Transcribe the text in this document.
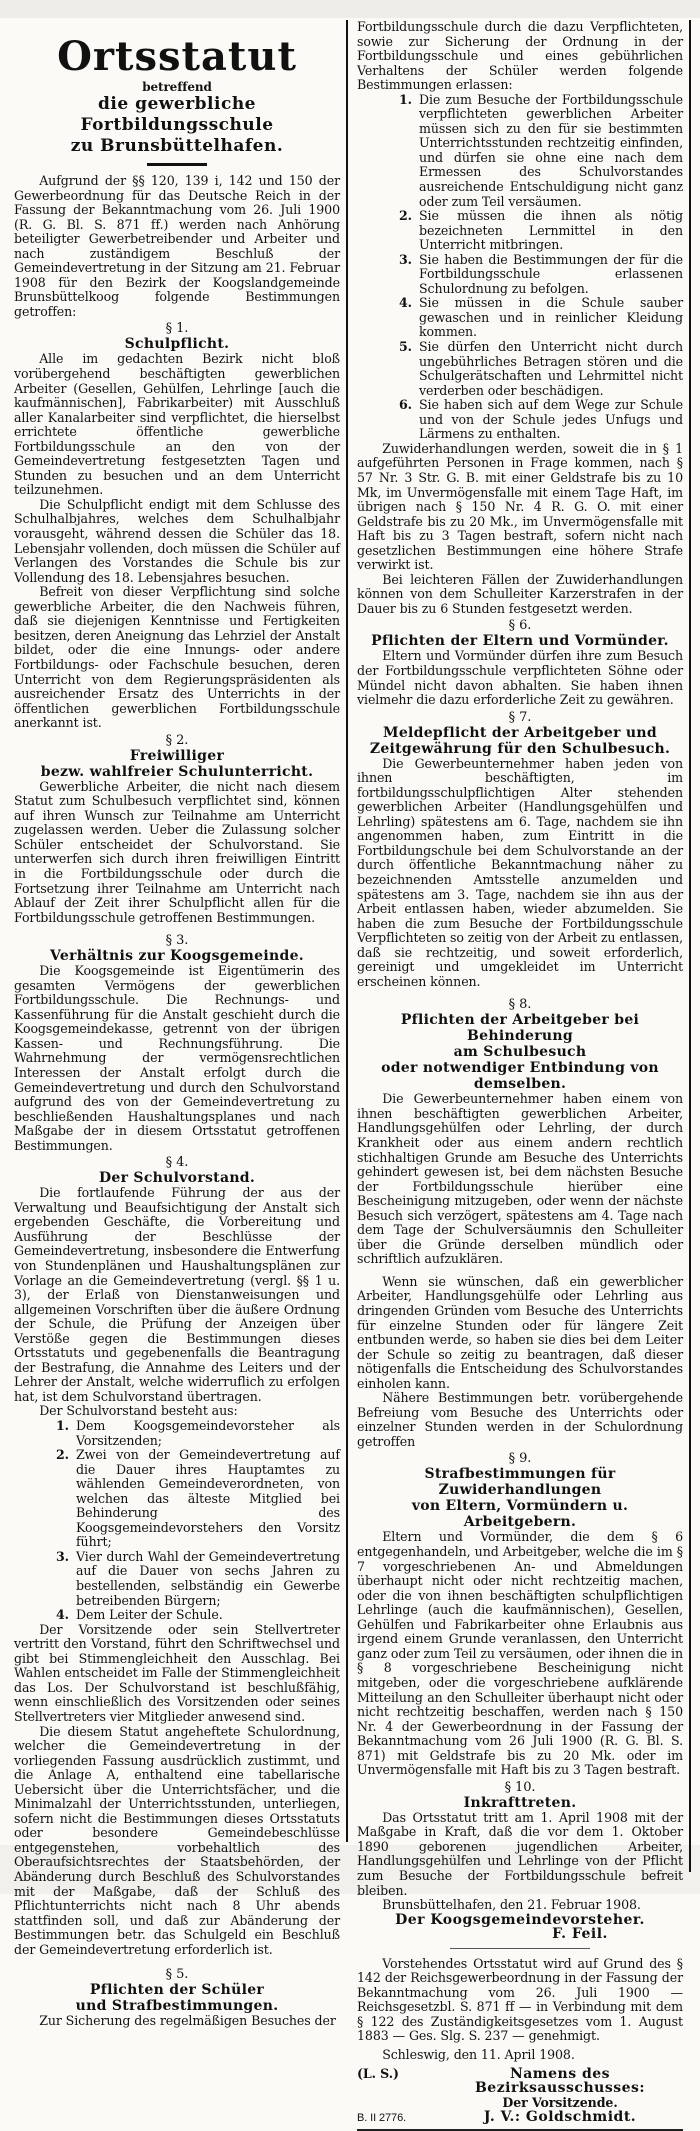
Ortsstatut
betreffend
die gewerbliche Fortbildungsschule
zu Brunsbüttelhafen.

Aufgrund der §§ 120, 139 i, 142 und 150 der Gewerbeordnung für das Deutsche Reich in der Fassung der Bekanntmachung vom 26. Juli 1900 (R. G. Bl. S. 871 ff.) werden nach Anhörung beteiligter Gewerbetreibender und Arbeiter und nach zuständigem Beschluß der Gemeindevertretung in der Sitzung am 21. Februar 1908 für den Bezirk der Koogslandgemeinde Brunsbüttelkoog folgende Bestimmungen getroffen:

§ 1.
Schulpflicht.

Alle im gedachten Bezirk nicht bloß vorübergehend beschäftigten gewerblichen Arbeiter (Gesellen, Gehülfen, Lehrlinge [auch die kaufmännischen], Fabrikarbeiter) mit Ausschluß aller Kanalarbeiter sind verpflichtet, die hierselbst errichtete öffentliche gewerbliche Fortbildungsschule an den von der Gemeindevertretung festgesetzten Tagen und Stunden zu besuchen und an dem Unterricht teilzunehmen.

Die Schulpflicht endigt mit dem Schlusse des Schulhalbjahres, welches dem Schulhalbjahr vorausgeht, während dessen die Schüler das 18. Lebensjahr vollenden, doch müssen die Schüler auf Verlangen des Vorstandes die Schule bis zur Vollendung des 18. Lebensjahres besuchen.

Befreit von dieser Verpflichtung sind solche gewerbliche Arbeiter, die den Nachweis führen, daß sie diejenigen Kenntnisse und Fertigkeiten besitzen, deren Aneignung das Lehrziel der Anstalt bildet, oder die eine Innungs- oder andere Fortbildungs- oder Fachschule besuchen, deren Unterricht von dem Regierungspräsidenten als ausreichender Ersatz des Unterrichts in der öffentlichen gewerblichen Fortbildungsschule anerkannt ist.

§ 2.
Freiwilliger
bezw. wahlfreier Schulunterricht.

Gewerbliche Arbeiter, die nicht nach diesem Statut zum Schulbesuch verpflichtet sind, können auf ihren Wunsch zur Teilnahme am Unterricht zugelassen werden. Ueber die Zulassung solcher Schüler entscheidet der Schulvorstand. Sie unterwerfen sich durch ihren freiwilligen Eintritt in die Fortbildungsschule oder durch die Fortsetzung ihrer Teilnahme am Unterricht nach Ablauf der Zeit ihrer Schulpflicht allen für die Fortbildungsschule getroffenen Bestimmungen.

§ 3.
Verhältnis zur Koogsgemeinde.

Die Koogsgemeinde ist Eigentümerin des gesamten Vermögens der gewerblichen Fortbildungsschule. Die Rechnungs- und Kassenführung für die Anstalt geschieht durch die Koogsgemeindekasse, getrennt von der übrigen Kassen- und Rechnungsführung. Die Wahrnehmung der vermögensrechtlichen Interessen der Anstalt erfolgt durch die Gemeindevertretung und durch den Schulvorstand aufgrund des von der Gemeindevertretung zu beschließenden Haushaltungsplanes und nach Maßgabe der in diesem Ortsstatut getroffenen Bestimmungen.

§ 4.
Der Schulvorstand.

Die fortlaufende Führung der aus der Verwaltung und Beaufsichtigung der Anstalt sich ergebenden Geschäfte, die Vorbereitung und Ausführung der Beschlüsse der Gemeindevertretung, insbesondere die Entwerfung von Stundenplänen und Haushaltungsplänen zur Vorlage an die Gemeindevertretung (vergl. §§ 1 u. 3), der Erlaß von Dienstanweisungen und allgemeinen Vorschriften über die äußere Ordnung der Schule, die Prüfung der Anzeigen über Verstöße gegen die Bestimmungen dieses Ortsstatuts und gegebenenfalls die Beantragung der Bestrafung, die Annahme des Leiters und der Lehrer der Anstalt, welche widerruflich zu erfolgen hat, ist dem Schulvorstand übertragen.

Der Schulvorstand besteht aus:

1. Dem Koogsgemeindevorsteher als Vorsitzenden;
2. Zwei von der Gemeindevertretung auf die Dauer ihres Hauptamtes zu wählenden Gemeindeverordneten, von welchen das älteste Mitglied bei Behinderung des Koogsgemeindevorstehers den Vorsitz führt;
3. Vier durch Wahl der Gemeindevertretung auf die Dauer von sechs Jahren zu bestellenden, selbständig ein Gewerbe betreibenden Bürgern;
4. Dem Leiter der Schule.

Der Vorsitzende oder sein Stellvertreter vertritt den Vorstand, führt den Schriftwechsel und gibt bei Stimmengleichheit den Ausschlag. Bei Wahlen entscheidet im Falle der Stimmengleichheit das Los. Der Schulvorstand ist beschlußfähig, wenn einschließlich des Vorsitzenden oder seines Stellvertreters vier Mitglieder anwesend sind.

Die diesem Statut angeheftete Schulordnung, welcher die Gemeindevertretung in der vorliegenden Fassung ausdrücklich zustimmt, und die Anlage A, enthaltend eine tabellarische Uebersicht über die Unterrichtsfächer, und die Minimalzahl der Unterrichtsstunden, unterliegen, sofern nicht die Bestimmungen dieses Ortsstatuts oder besondere Gemeindebeschlüsse entgegenstehen, vorbehaltlich des Oberaufsichtsrechtes der Staatsbehörden, der Abänderung durch Beschluß des Schulvorstandes mit der Maßgabe, daß der Schluß des Pflichtunterrichts nicht nach 8 Uhr abends stattfinden soll, und daß zur Abänderung der Bestimmungen betr. das Schulgeld ein Beschluß der Gemeindevertretung erforderlich ist.

§ 5.
Pflichten der Schüler
und Strafbestimmungen.

Zur Sicherung des regelmäßigen Besuches der

Fortbildungsschule durch die dazu Verpflichteten, sowie zur Sicherung der Ordnung in der Fortbildungsschule und eines gebührlichen Verhaltens der Schüler werden folgende Bestimmungen erlassen:

1. Die zum Besuche der Fortbildungsschule verpflichteten gewerblichen Arbeiter müssen sich zu den für sie bestimmten Unterrichtsstunden rechtzeitig einfinden, und dürfen sie ohne eine nach dem Ermessen des Schulvorstandes ausreichende Entschuldigung nicht ganz oder zum Teil versäumen.
2. Sie müssen die ihnen als nötig bezeichneten Lernmittel in den Unterricht mitbringen.
3. Sie haben die Bestimmungen der für die Fortbildungsschule erlassenen Schulordnung zu befolgen.
4. Sie müssen in die Schule sauber gewaschen und in reinlicher Kleidung kommen.
5. Sie dürfen den Unterricht nicht durch ungebührliches Betragen stören und die Schulgerätschaften und Lehrmittel nicht verderben oder beschädigen.
6. Sie haben sich auf dem Wege zur Schule und von der Schule jedes Unfugs und Lärmens zu enthalten.

Zuwiderhandlungen werden, soweit die in § 1 aufgeführten Personen in Frage kommen, nach § 57 Nr. 3 Str. G. B. mit einer Geldstrafe bis zu 10 Mk, im Unvermögensfalle mit einem Tage Haft, im übrigen nach § 150 Nr. 4 R. G. O. mit einer Geldstrafe bis zu 20 Mk., im Unvermögensfalle mit Haft bis zu 3 Tagen bestraft, sofern nicht nach gesetzlichen Bestimmungen eine höhere Strafe verwirkt ist.

Bei leichteren Fällen der Zuwiderhandlungen können von dem Schulleiter Karzerstrafen in der Dauer bis zu 6 Stunden festgesetzt werden.

§ 6.
Pflichten der Eltern und Vormünder.

Eltern und Vormünder dürfen ihre zum Besuch der Fortbildungsschule verpflichteten Söhne oder Mündel nicht davon abhalten. Sie haben ihnen vielmehr die dazu erforderliche Zeit zu gewähren.

§ 7.
Meldepflicht der Arbeitgeber und Zeitgewährung für den Schulbesuch.

Die Gewerbeunternehmer haben jeden von ihnen beschäftigten, im fortbildungsschulpflichtigen Alter stehenden gewerblichen Arbeiter (Handlungsgehülfen und Lehrling) spätestens am 6. Tage, nachdem sie ihn angenommen haben, zum Eintritt in die Fortbildungschule bei dem Schulvorstande an der durch öffentliche Bekanntmachung näher zu bezeichnenden Amtsstelle anzumelden und spätestens am 3. Tage, nachdem sie ihn aus der Arbeit entlassen haben, wieder abzumelden. Sie haben die zum Besuche der Fortbildungsschule Verpflichteten so zeitig von der Arbeit zu entlassen, daß sie rechtzeitig, und soweit erforderlich, gereinigt und umgekleidet im Unterricht erscheinen können.

§ 8.
Pflichten der Arbeitgeber bei Behinderung
am Schulbesuch
oder notwendiger Entbindung von demselben.

Die Gewerbeunternehmer haben einem von ihnen beschäftigten gewerblichen Arbeiter, Handlungsgehülfen oder Lehrling, der durch Krankheit oder aus einem andern rechtlich stichhaltigen Grunde am Besuche des Unterrichts gehindert gewesen ist, bei dem nächsten Besuche der Fortbildungsschule hierüber eine Bescheinigung mitzugeben, oder wenn der nächste Besuch sich verzögert, spätestens am 4. Tage nach dem Tage der Schulversäumnis den Schulleiter über die Gründe derselben mündlich oder schriftlich aufzuklären.

Wenn sie wünschen, daß ein gewerblicher Arbeiter, Handlungsgehülfe oder Lehrling aus dringenden Gründen vom Besuche des Unterrichts für einzelne Stunden oder für längere Zeit entbunden werde, so haben sie dies bei dem Leiter der Schule so zeitig zu beantragen, daß dieser nötigenfalls die Entscheidung des Schulvorstandes einholen kann.

Nähere Bestimmungen betr. vorübergehende Befreiung vom Besuche des Unterrichts oder einzelner Stunden werden in der Schulordnung getroffen

§ 9.
Strafbestimmungen für Zuwiderhandlungen
von Eltern, Vormündern u. Arbeitgebern.

Eltern und Vormünder, die dem § 6 entgegenhandeln, und Arbeitgeber, welche die im § 7 vorgeschriebenen An- und Abmeldungen überhaupt nicht oder nicht rechtzeitig machen, oder die von ihnen beschäftigten schulpflichtigen Lehrlinge (auch die kaufmännischen), Gesellen, Gehülfen und Fabrikarbeiter ohne Erlaubnis aus irgend einem Grunde veranlassen, den Unterricht ganz oder zum Teil zu versäumen, oder ihnen die in § 8 vorgeschriebene Bescheinigung nicht mitgeben, oder die vorgeschriebene aufklärende Mitteilung an den Schulleiter überhaupt nicht oder nicht rechtzeitig beschaffen, werden nach § 150 Nr. 4 der Gewerbeordnung in der Fassung der Bekanntmachung vom 26 Juli 1900 (R. G. Bl. S. 871) mit Geldstrafe bis zu 20 Mk. oder im Unvermögensfalle mit Haft bis zu 3 Tagen bestraft.

§ 10.
Inkrafttreten.

Das Ortsstatut tritt am 1. April 1908 mit der Maßgabe in Kraft, daß die vor dem 1. Oktober 1890 geborenen jugendlichen Arbeiter, Handlungsgehülfen und Lehrlinge von der Pflicht zum Besuche der Fortbildungsschule befreit bleiben.

Brunsbüttelhafen, den 21. Februar 1908.

Der Koogsgemeindevorsteher.
F. Feil.

Vorstehendes Ortsstatut wird auf Grund des § 142 der Reichsgewerbeordnung in der Fassung der Bekanntmachung vom 26. Juli 1900 — Reichsgesetzbl. S. 871 ff — in Verbindung mit dem § 122 des Zuständigkeitsgesetzes vom 1. August 1883 — Ges. Slg. S. 237 — genehmigt.

Schleswig, den 11. April 1908.

(L. S.)	Namens des Bezirksausschusses:
Der Vorsitzende.
B. II 2776.	J. V.: Goldschmidt.
